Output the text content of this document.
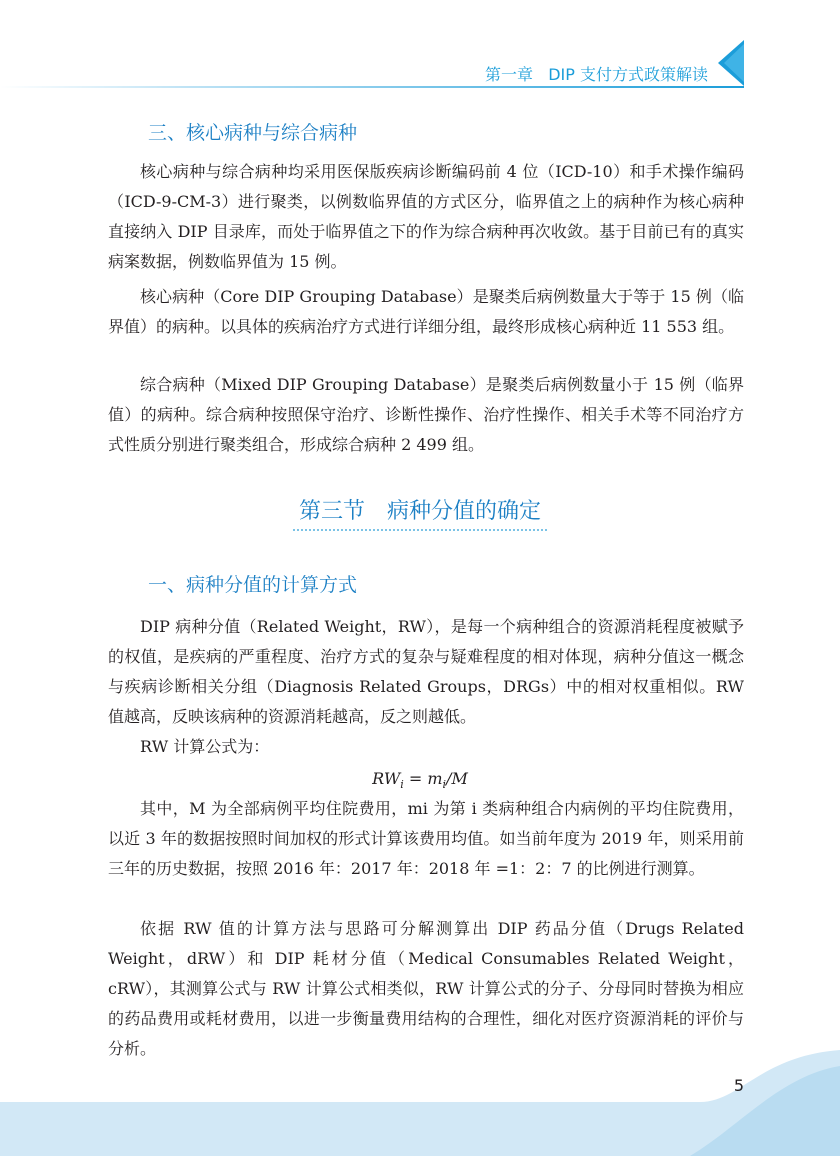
第一章 DIP 支付方式政策解读
三、核心病种与综合病种

核心病种与综合病种均采用医保版疾病诊断编码前 4 位（ICD-10）和手术操作编码（ICD-9-CM-3）进行聚类，以例数临界值的方式区分，临界值之上的病种作为核心病种直接纳入 DIP 目录库，而处于临界值之下的作为综合病种再次收敛。基于目前已有的真实病案数据，例数临界值为 15 例。

核心病种（Core DIP Grouping Database）是聚类后病例数量大于等于 15 例（临界值）的病种。以具体的疾病治疗方式进行详细分组，最终形成核心病种近 11 553 组。

综合病种（Mixed DIP Grouping Database）是聚类后病例数量小于 15 例（临界值）的病种。综合病种按照保守治疗、诊断性操作、治疗性操作、相关手术等不同治疗方式性质分别进行聚类组合，形成综合病种 2 499 组。

第三节　病种分值的确定
一、病种分值的计算方式

DIP 病种分值（Related Weight，RW），是每一个病种组合的资源消耗程度被赋予的权值，是疾病的严重程度、治疗方式的复杂与疑难程度的相对体现，病种分值这一概念与疾病诊断相关分组（Diagnosis Related Groups，DRGs）中的相对权重相似。RW 值越高，反映该病种的资源消耗越高，反之则越低。

RW 计算公式为：

$RW_i = m_i/M$

其中，M 为全部病例平均住院费用，mi 为第 i 类病种组合内病例的平均住院费用，以近 3 年的数据按照时间加权的形式计算该费用均值。如当前年度为 2019 年，则采用前三年的历史数据，按照 2016 年：2017 年：2018 年 =1：2：7 的比例进行测算。

依据 RW 值的计算方法与思路可分解测算出 DIP 药品分值（Drugs Related Weight，dRW）和 DIP 耗材分值（Medical Consumables Related Weight，cRW），其测算公式与 RW 计算公式相类似，RW 计算公式的分子、分母同时替换为相应的药品费用或耗材费用，以进一步衡量费用结构的合理性，细化对医疗资源消耗的评价与分析。

5
